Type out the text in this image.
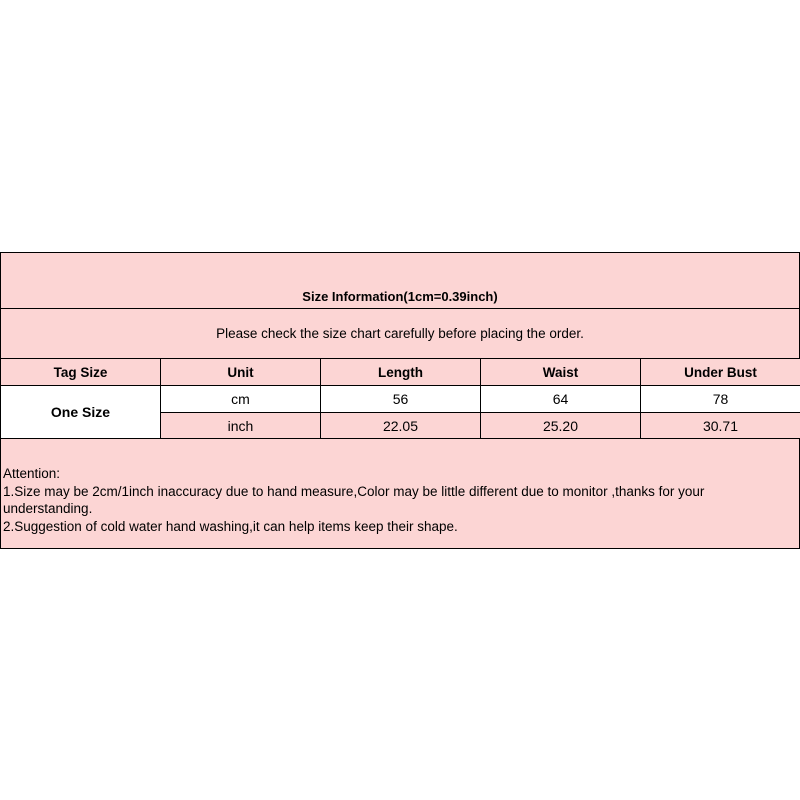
Size Information(1cm=0.39inch)
Please check the size chart carefully before placing the order.
Tag Size	Unit	Length	Waist	Under Bust
One Size	cm	56	64	78
	inch	22.05	25.20	30.71
Attention:
1.Size may be 2cm/1inch inaccuracy due to hand measure,Color may be little different due to monitor ,thanks for your
understanding.
2.Suggestion of cold water hand washing,it can help items keep their shape.
